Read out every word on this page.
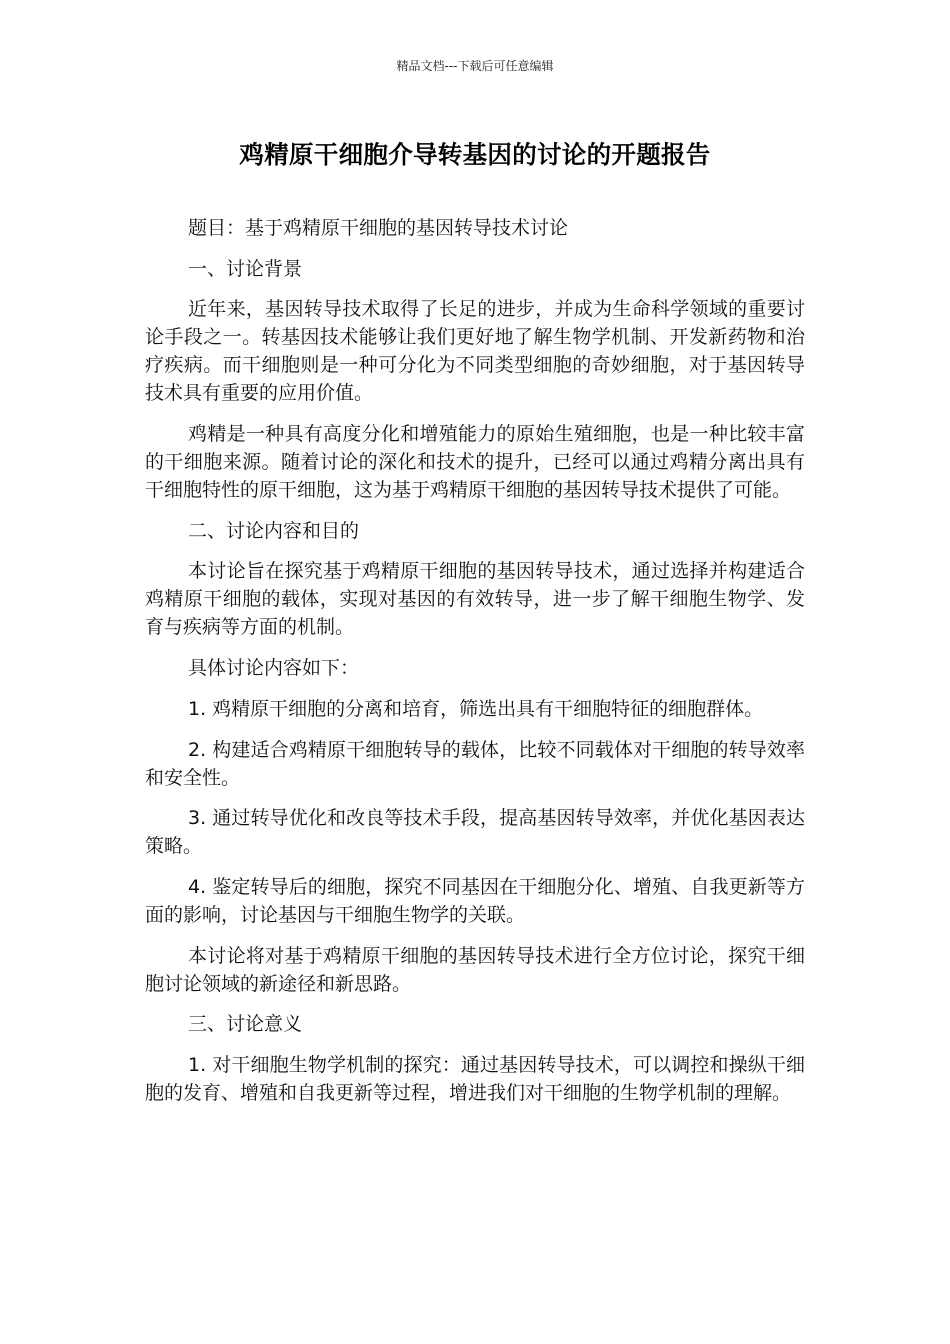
精品文档---下载后可任意编辑
鸡精原干细胞介导转基因的讨论的开题报告

题目：基于鸡精原干细胞的基因转导技术讨论

一、讨论背景

近年来，基因转导技术取得了长足的进步，并成为生命科学领域的重要讨论手段之一。转基因技术能够让我们更好地了解生物学机制、开发新药物和治疗疾病。而干细胞则是一种可分化为不同类型细胞的奇妙细胞，对于基因转导技术具有重要的应用价值。

鸡精是一种具有高度分化和增殖能力的原始生殖细胞，也是一种比较丰富的干细胞来源。随着讨论的深化和技术的提升，已经可以通过鸡精分离出具有干细胞特性的原干细胞，这为基于鸡精原干细胞的基因转导技术提供了可能。

二、讨论内容和目的

本讨论旨在探究基于鸡精原干细胞的基因转导技术，通过选择并构建适合鸡精原干细胞的载体，实现对基因的有效转导，进一步了解干细胞生物学、发育与疾病等方面的机制。

具体讨论内容如下：

1. 鸡精原干细胞的分离和培育，筛选出具有干细胞特征的细胞群体。

2. 构建适合鸡精原干细胞转导的载体，比较不同载体对干细胞的转导效率和安全性。

3. 通过转导优化和改良等技术手段，提高基因转导效率，并优化基因表达策略。

4. 鉴定转导后的细胞，探究不同基因在干细胞分化、增殖、自我更新等方面的影响，讨论基因与干细胞生物学的关联。

本讨论将对基于鸡精原干细胞的基因转导技术进行全方位讨论，探究干细胞讨论领域的新途径和新思路。

三、讨论意义

1. 对干细胞生物学机制的探究：通过基因转导技术，可以调控和操纵干细胞的发育、增殖和自我更新等过程，增进我们对干细胞的生物学机制的理解。
